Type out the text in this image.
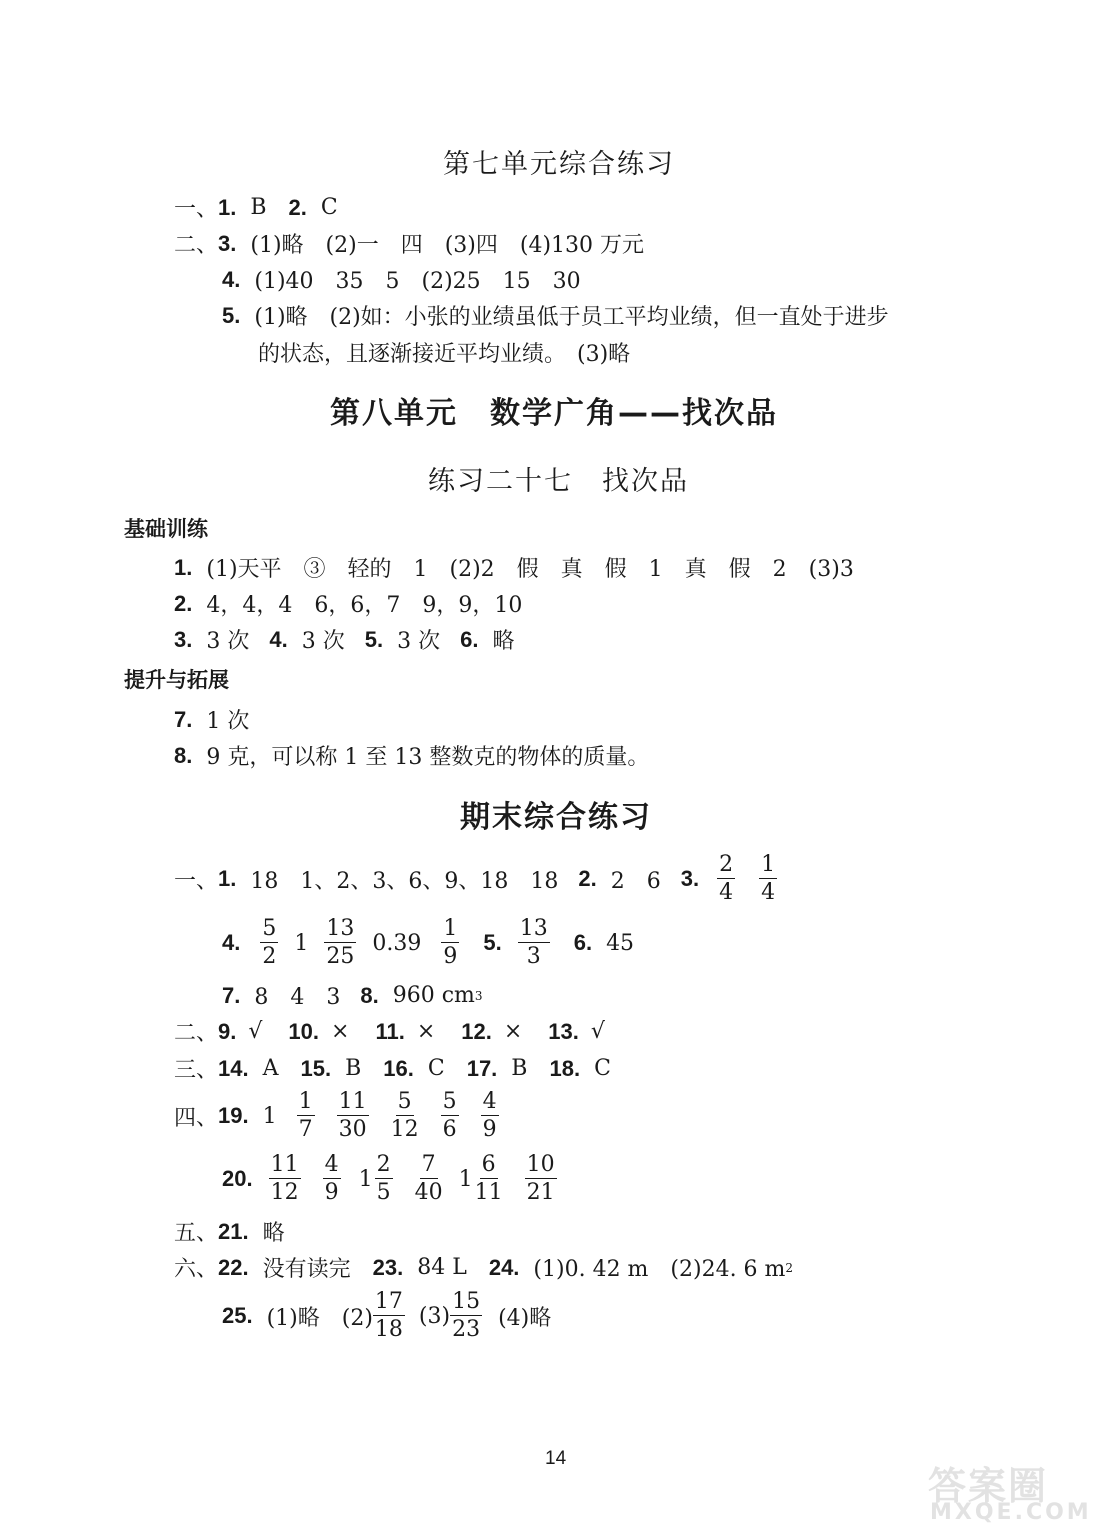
第七单元综合练习
一、 1. B 2. C
二、 3. (1)略　(2)一　四　(3)四　(4)130 万元
4. (1)40　35　5　(2)25　15　30
5. (1)略　(2)如：小张的业绩虽低于员工平均业绩，但一直处于进步
的状态，且逐渐接近平均业绩。　(3)略
第八单元　数学广角——找次品
练习二十七　找次品
基础训练
1. (1)天平　③　轻的　1　(2)2　假　真　假　1　真　假　2　(3)3
2. 4，4，4　6，6，7　9，9，10
3. 3 次 4. 3 次 5. 3 次 6. 略
提升与拓展
7. 1 次
8. 9 克，可以称 1 至 13 整数克的物体的质量。
期末综合练习
一、 1. 18　1、2、3、6、9、18　18 2. 2　6 3. $\frac{2}{4} \frac{1}{4}$
4. $\frac{5}{2} 1 \frac{13}{25} 0.39 \frac{1}{9} 5$. $\frac{13}{3} 6$. 45
7. 8　4　3 8. 960 cm 3
二、 9. √ 10. × 11. × 12. × 13. √
三、 14. A 15. B 16. C 17. B 18. C
四、 19. $1 \frac{1}{7} \frac{11}{30} \frac{5}{12} \frac{5}{6} \frac{4}{9}$
20. $\frac{11}{12} \frac{4}{9} 1 \frac{2}{5} \frac{7}{40} 1 \frac{6}{11} \frac{10}{21}$
五、 21. 略
六、 22. 没有读完 23. 84 L 24. (1)0. 42 m　(2)24. 6 m 2
25. (1)略　$(2) \frac{17}{18} (3) \frac{15}{23} (4)$略
14
答案圈
MXQE.COM
